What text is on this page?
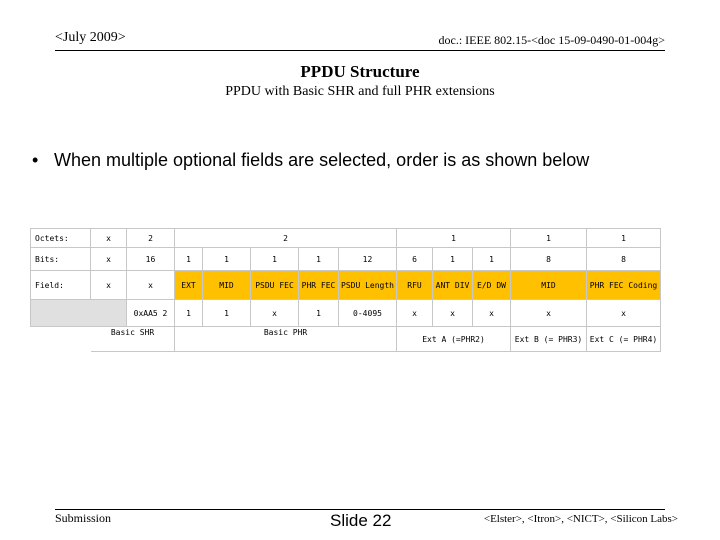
<July 2009>	doc.: IEEE 802.15-<doc 15-09-0490-01-004g>
PPDU Structure
PPDU with Basic SHR and full PHR extensions
• When multiple optional fields are selected, order is as shown below
Octets:	x	2	2					1			1	1
Bits:	x	16	1	1	1	1	12	6	1	1	8	8
Field:	x	x	EXT	MID	PSDU FEC	PHR FEC	PSDU Length	RFU	ANT DIV	E/D DW	MID	PHR FEC Coding
		0xAA5 2	1	1	x	1	0-4095	x	x	x	x	x
	Basic SHR		Basic PHR					Ext A (=PHR2)			Ext B (= PHR3)	Ext C (= PHR4)
Submission	Slide 22	<Elster>, <Itron>, <NICT>, <Silicon Labs>
